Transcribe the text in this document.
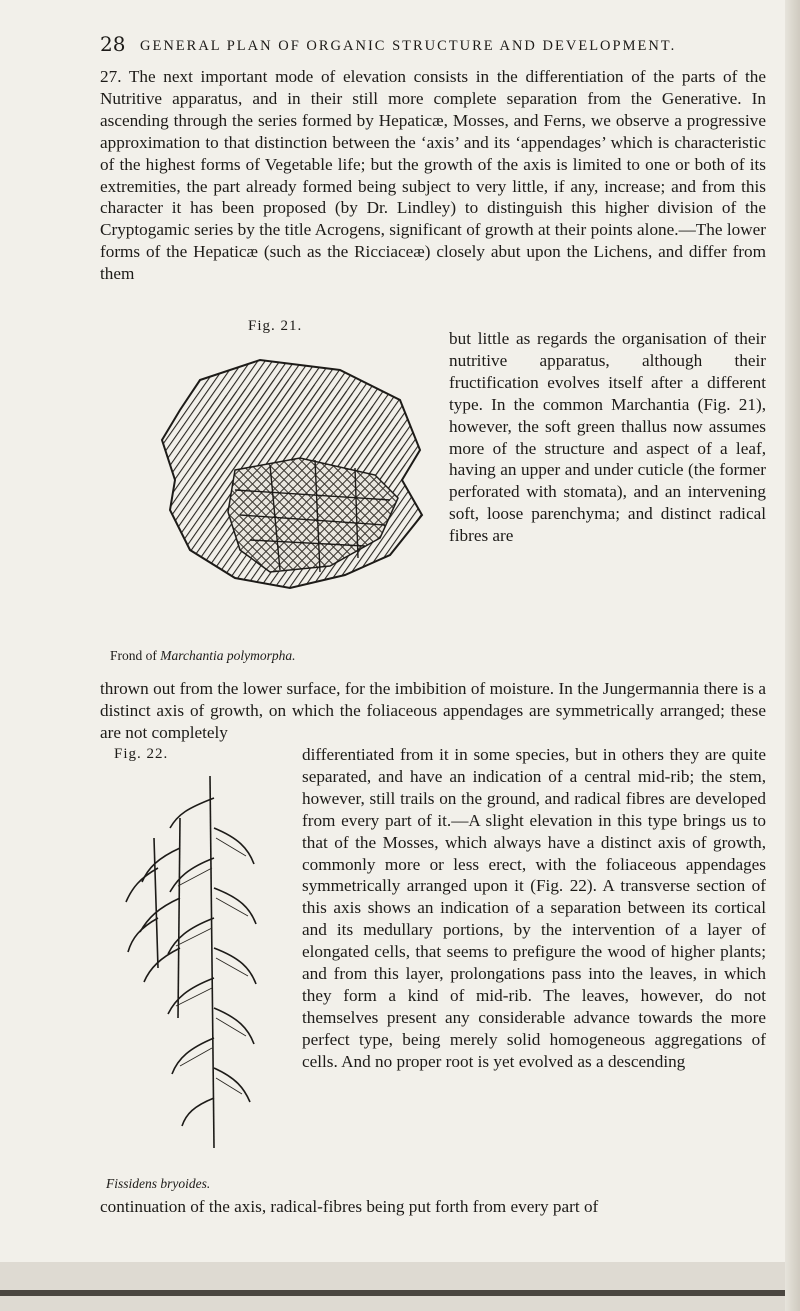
28 GENERAL PLAN OF ORGANIC STRUCTURE AND DEVELOPMENT.

27. The next important mode of elevation consists in the differentiation of the parts of the Nutritive apparatus, and in their still more complete separation from the Generative. In ascending through the series formed by Hepaticæ, Mosses, and Ferns, we observe a progressive approximation to that distinction between the ‘axis’ and its ‘appendages’ which is characteristic of the highest forms of Vegetable life; but the growth of the axis is limited to one or both of its extremities, the part already formed being subject to very little, if any, increase; and from this character it has been proposed (by Dr. Lindley) to distinguish this higher division of the Cryptogamic series by the title Acrogens, significant of growth at their points alone.—The lower forms of the Hepaticæ (such as the Ricciaceæ) closely abut upon the Lichens, and differ from them

Fig. 21.
Frond of Marchantia polymorpha.

but little as regards the organisation of their nutritive apparatus, although their fructification evolves itself after a different type. In the common Marchantia (Fig. 21), however, the soft green thallus now assumes more of the structure and aspect of a leaf, having an upper and under cuticle (the former perforated with stomata), and an intervening soft, loose parenchyma; and distinct radical fibres are

thrown out from the lower surface, for the imbibition of moisture. In the Jungermannia there is a distinct axis of growth, on which the foliaceous appendages are symmetrically arranged; these are not completely

Fig. 22.
Fissidens bryoides.

differentiated from it in some species, but in others they are quite separated, and have an indication of a central mid-rib; the stem, however, still trails on the ground, and radical fibres are developed from every part of it.—A slight elevation in this type brings us to that of the Mosses, which always have a distinct axis of growth, commonly more or less erect, with the foliaceous appendages symmetrically arranged upon it (Fig. 22). A transverse section of this axis shows an indication of a separation between its cortical and its medullary portions, by the intervention of a layer of elongated cells, that seems to prefigure the wood of higher plants; and from this layer, prolongations pass into the leaves, in which they form a kind of mid-rib. The leaves, however, do not themselves present any considerable advance towards the more perfect type, being merely solid homogeneous aggregations of cells. And no proper root is yet evolved as a descending

continuation of the axis, radical-fibres being put forth from every part of
